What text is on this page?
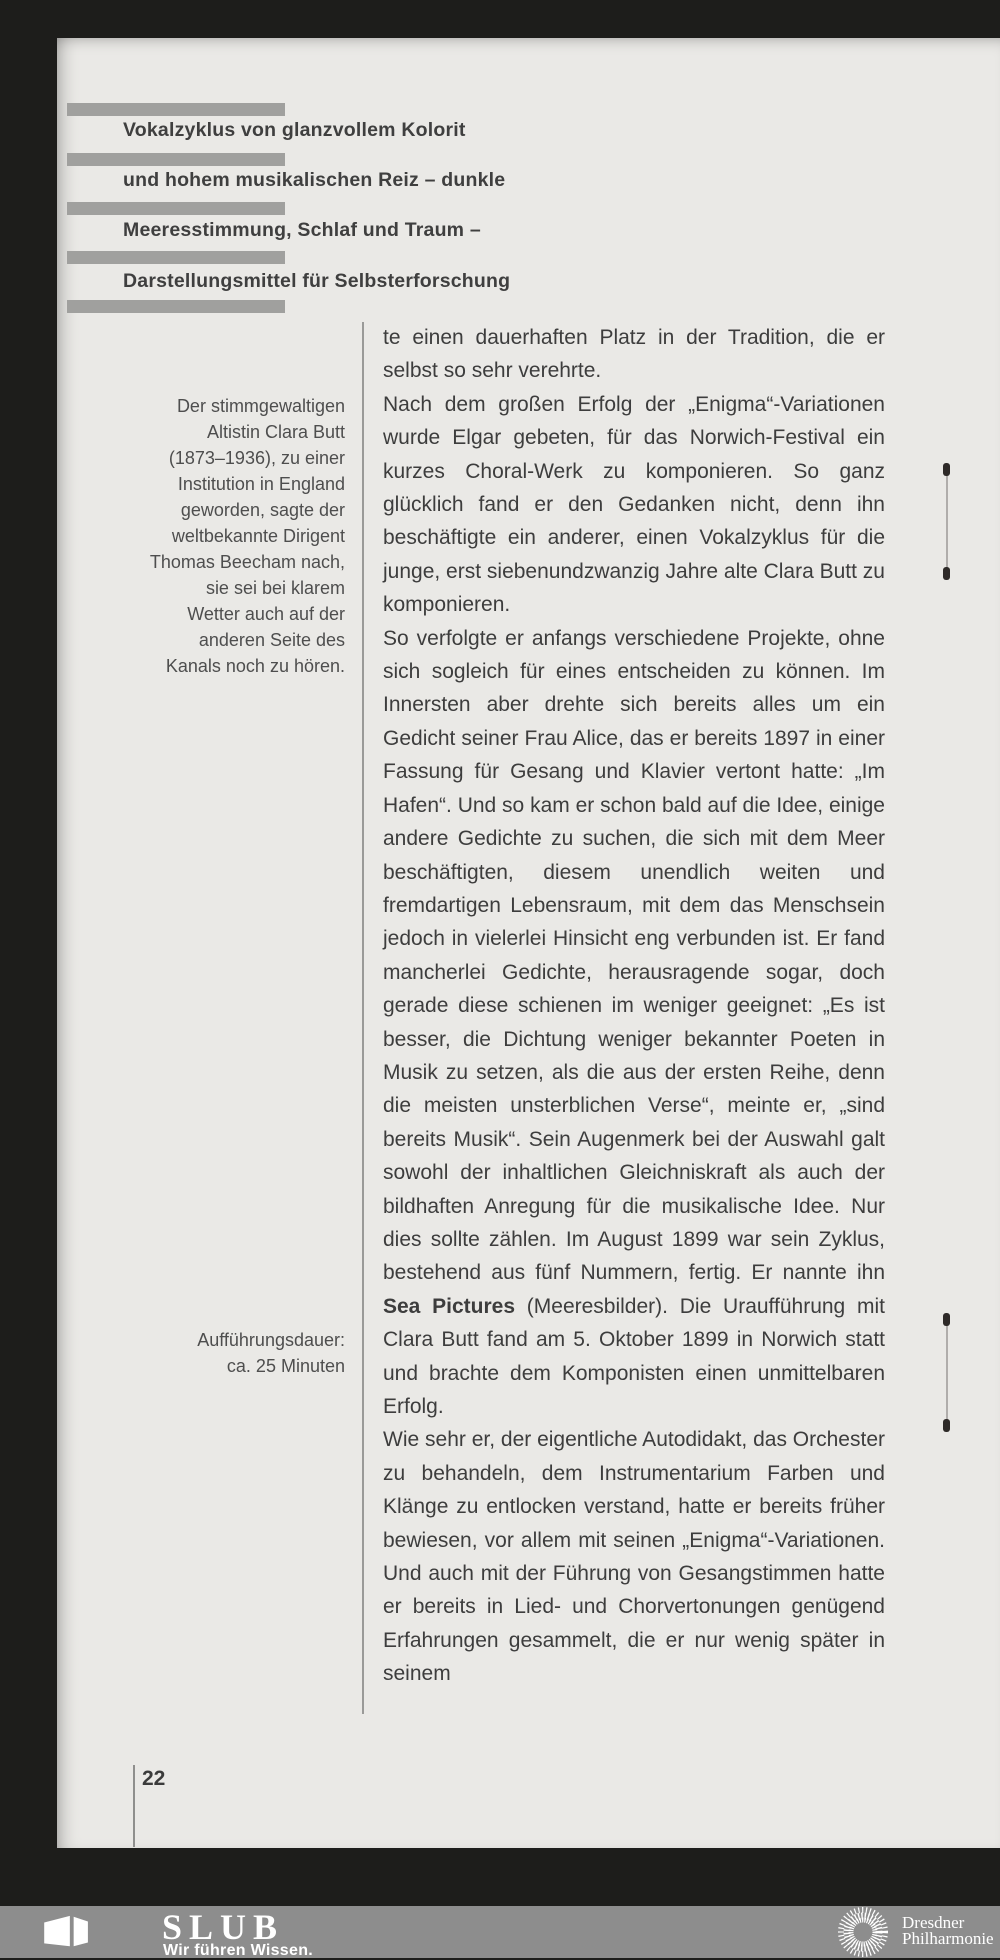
Vokalzyklus von glanzvollem Kolorit
und hohem musikalischen Reiz – dunkle
Meeresstimmung, Schlaf und Traum –
Darstellungsmittel für Selbsterforschung
Der stimmgewaltigen
Altistin Clara Butt
(1873–1936), zu einer
Institution in England
geworden, sagte der
weltbekannte Dirigent
Thomas Beecham nach,
sie sei bei klarem
Wetter auch auf der
anderen Seite des
Kanals noch zu hören.
Aufführungsdauer:
ca. 25 Minuten

te einen dauerhaften Platz in der Tradition, die er selbst so sehr verehrte.

Nach dem großen Erfolg der „Enigma“-Variationen wurde Elgar gebeten, für das Norwich-Festival ein kurzes Choral-Werk zu komponieren. So ganz glücklich fand er den Gedanken nicht, denn ihn beschäftigte ein anderer, einen Vokalzyklus für die junge, erst siebenundzwanzig Jahre alte Clara Butt zu komponieren.

So verfolgte er anfangs verschiedene Projekte, ohne sich sogleich für eines entscheiden zu können. Im Innersten aber drehte sich bereits alles um ein Gedicht seiner Frau Alice, das er bereits 1897 in einer Fassung für Gesang und Klavier vertont hatte: „Im Hafen“. Und so kam er schon bald auf die Idee, einige andere Gedichte zu suchen, die sich mit dem Meer beschäftigten, diesem unendlich weiten und fremdartigen Lebensraum, mit dem das Menschsein jedoch in vielerlei Hinsicht eng verbunden ist. Er fand mancherlei Gedichte, herausragende sogar, doch gerade diese schienen im weniger geeignet: „Es ist besser, die Dichtung weniger bekannter Poeten in Musik zu setzen, als die aus der ersten Reihe, denn die meisten unsterblichen Verse“, meinte er, „sind bereits Musik“. Sein Augenmerk bei der Auswahl galt sowohl der inhaltlichen Gleichniskraft als auch der bildhaften Anregung für die musikalische Idee. Nur dies sollte zählen. Im August 1899 war sein Zyklus, bestehend aus fünf Nummern, fertig. Er nannte ihn Sea Pictures (Meeresbilder). Die Uraufführung mit Clara Butt fand am 5. Oktober 1899 in Norwich statt und brachte dem Komponisten einen unmittelbaren Erfolg.

Wie sehr er, der eigentliche Autodidakt, das Orchester zu behandeln, dem Instrumentarium Farben und Klänge zu entlocken verstand, hatte er bereits früher bewiesen, vor allem mit seinen „Enigma“-Variationen. Und auch mit der Führung von Gesangstimmen hatte er bereits in Lied- und Chorvertonungen genügend Erfahrungen gesammelt, die er nur wenig später in seinem

22
SLUB
Wir führen Wissen.
Dresdner
Philharmonie
